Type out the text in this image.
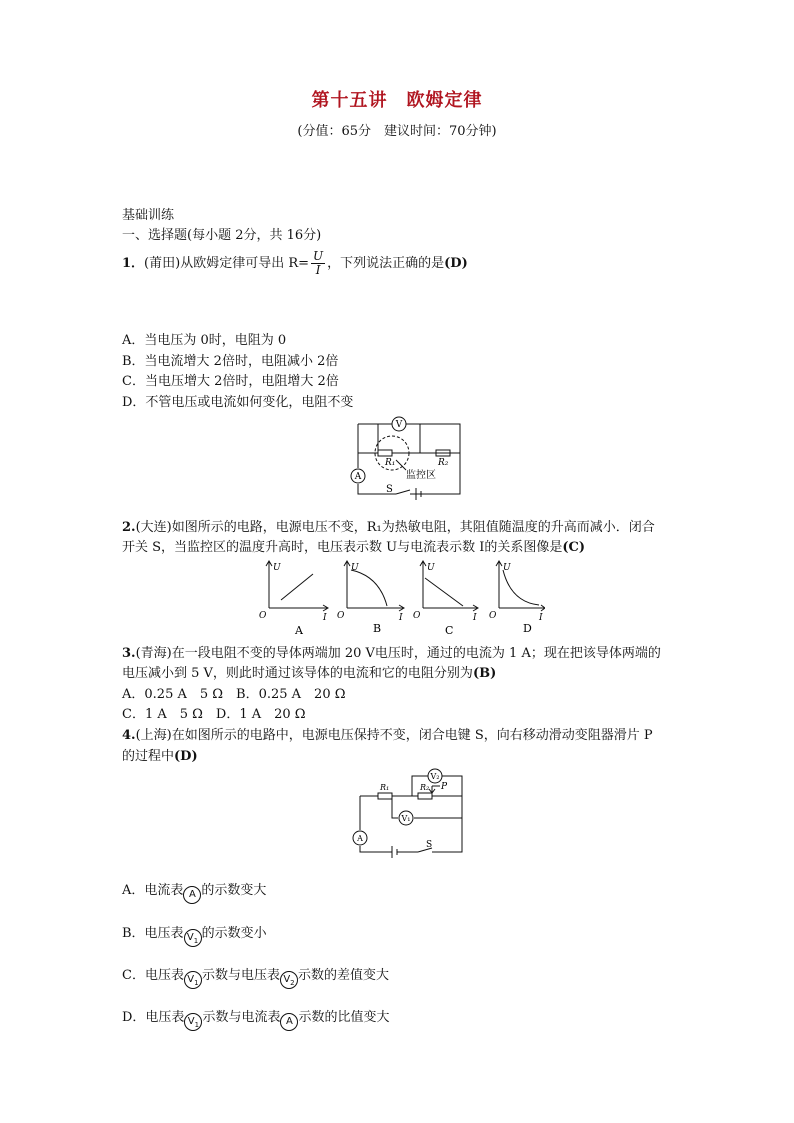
第十五讲　欧姆定律
(分值：65分　建议时间：70分钟)
基础训练
一、选择题(每小题 2分，共 16分)
1．(莆田)从欧姆定律可导出 $R= \frac{U}{I}$ ，下列说法正确的是(D)
A．当电压为 0时，电阻为 0
B．当电流增大 2倍时，电阻减小 2倍
C．当电压增大 2倍时，电阻增大 2倍
D．不管电压或电流如何变化，电阻不变
V
A
R₁	R₂
监控区
S
2.(大连)如图所示的电路，电源电压不变，R₁为热敏电阻，其阻值随温度的升高而减小．闭合
开关 S，当监控区的温度升高时，电压表示数 U与电流表示数 I的关系图像是(C)
U
O	I
U
O	I
U
O	I
U
O	I
A	B	C	D
3.(青海)在一段电阻不变的导体两端加 20 V电压时，通过的电流为 1 A；现在把该导体两端的
电压减小到 5 V，则此时通过该导体的电流和它的电阻分别为(B)
A．0.25 A　5 Ω　B．0.25 A　20 Ω
C．1 A　5 Ω　D．1 A　20 Ω
4.(上海)在如图所示的电路中，电源电压保持不变，闭合电键 S，向右移动滑动变阻器滑片 P
的过程中(D)
V₂
V₁
A
R₁	R₂ P
S
A．电流表 A 的示数变大
B．电压表 $V_1$ 的示数变小
C．电压表 $V_1$ 示数与电压表 $V_2$ 示数的差值变大
D．电压表 $V_1$ 示数与电流表 A 示数的比值变大
